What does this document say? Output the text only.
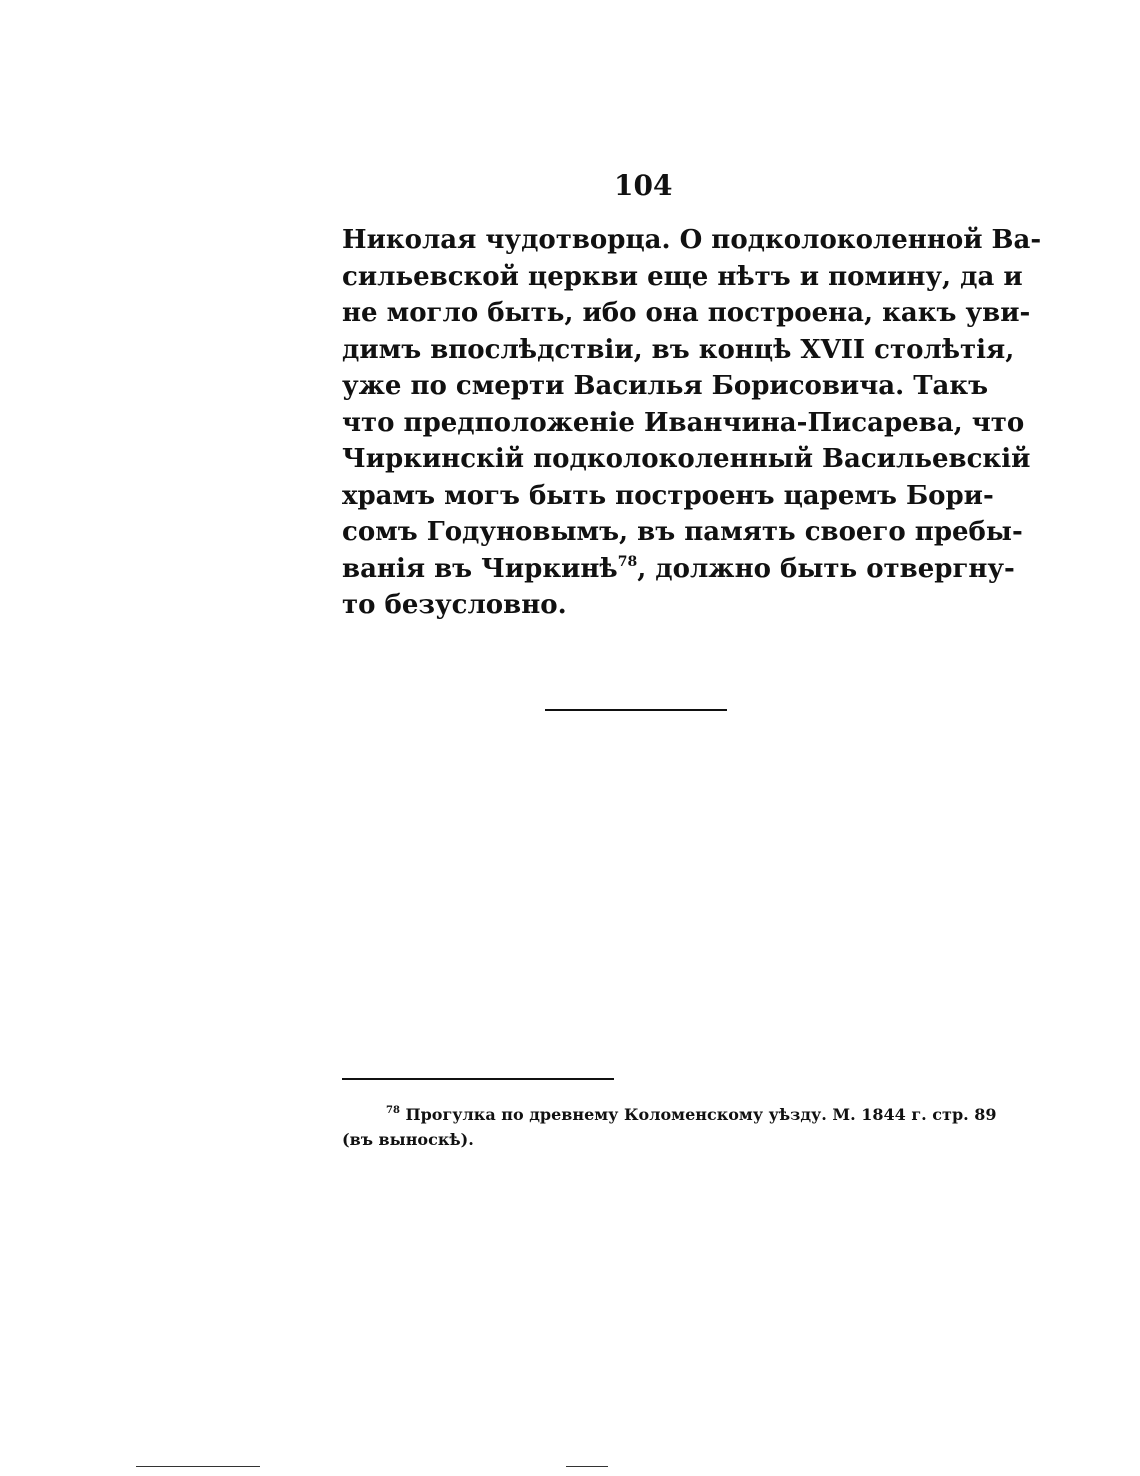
104

Николая чудотворца. О подколоколенной Ва-
сильевской церкви еще нѣтъ и помину, да и
не могло быть, ибо она построена, какъ уви-
димъ впослѣдствіи, въ концѣ XVII столѣтія,
уже по смерти Василья Борисовича. Такъ
что предположеніе Иванчина-Писарева, что
Чиркинскій подколоколенный Васильевскій
храмъ могъ быть построенъ царемъ Бори-
сомъ Годуновымъ, въ память своего пребы-
ванія въ Чиркинѣ$^{78}$, должно быть отвергну-
то безусловно.

$^{78}$ Прогулка по древнему Коломенскому уѣзду. М. 1844 г. стр. 89
(въ выноскѣ).
